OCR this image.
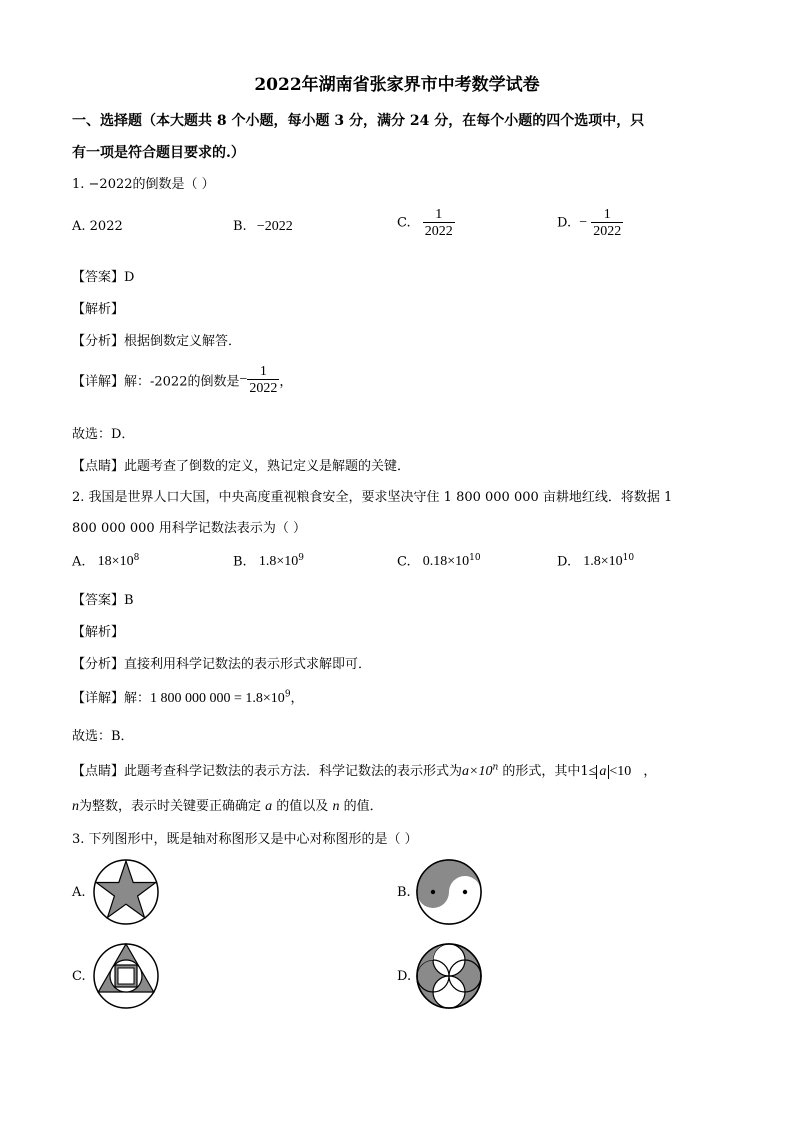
2022年湖南省张家界市中考数学试卷
一、选择题（本大题共 8 个小题，每小题 3 分，满分 24 分，在每个小题的四个选项中，只
有一项是符合题目要求的.）
1. −2022的倒数是（ ）
A. 2022	B. −2022	C. $\frac{1}{2022}$	D. − $\frac{1}{2022}$
【答案】D
【解析】
【分析】根据倒数定义解答．
【详解】解：-2022的倒数是− $\frac{1}{2022}$ ，
故选：D．
【点睛】此题考查了倒数的定义，熟记定义是解题的关键．
2. 我国是世界人口大国，中央高度重视粮食安全，要求坚决守住 1 800 000 000 亩耕地红线．将数据 1
800 000 000 用科学记数法表示为（ ）
A. $18\times 10^8$	B. $1.8\times 10^9$	C. $0.18\times 10^{10}$	D. $1.8\times 10^{10}$
【答案】B
【解析】
【分析】直接利用科学记数法的表示形式求解即可．
【详解】解：1 800 000 $000 = 1.8\times 10^9$，
故选：B．
【点睛】此题考查科学记数法的表示方法．科学记数法的表示形式为$a\times 10^n$ 的形式，其中1≤ a <10 ，
n为整数，表示时关键要正确确定 a 的值以及 n 的值．
3. 下列图形中，既是轴对称图形又是中心对称图形的是（ ）
A.	B.
C.	D.
